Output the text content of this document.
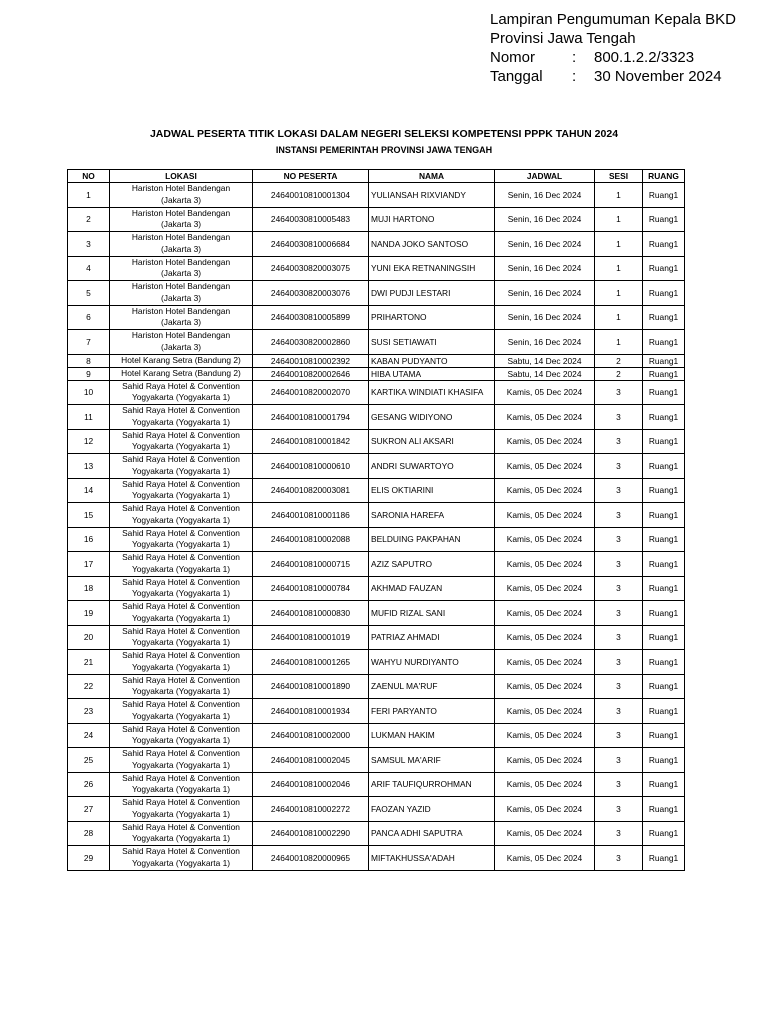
Lampiran Pengumuman Kepala BKD
Provinsi Jawa Tengah
Nomor	:	800.1.2.2/3323
Tanggal	:	30 November 2024
JADWAL PESERTA TITIK LOKASI DALAM NEGERI SELEKSI KOMPETENSI PPPK TAHUN 2024
INSTANSI PEMERINTAH PROVINSI JAWA TENGAH
NO	LOKASI	NO PESERTA	NAMA	JADWAL	SESI	RUANG
1	Hariston Hotel Bandengan
(Jakarta 3)	24640010810001304	YULIANSAH RIXVIANDY	Senin, 16 Dec 2024	1	Ruang1
2	Hariston Hotel Bandengan
(Jakarta 3)	24640030810005483	MUJI HARTONO	Senin, 16 Dec 2024	1	Ruang1
3	Hariston Hotel Bandengan
(Jakarta 3)	24640030810006684	NANDA JOKO SANTOSO	Senin, 16 Dec 2024	1	Ruang1
4	Hariston Hotel Bandengan
(Jakarta 3)	24640030820003075	YUNI EKA RETNANINGSIH	Senin, 16 Dec 2024	1	Ruang1
5	Hariston Hotel Bandengan
(Jakarta 3)	24640030820003076	DWI PUDJI LESTARI	Senin, 16 Dec 2024	1	Ruang1
6	Hariston Hotel Bandengan
(Jakarta 3)	24640030810005899	PRIHARTONO	Senin, 16 Dec 2024	1	Ruang1
7	Hariston Hotel Bandengan
(Jakarta 3)	24640030820002860	SUSI SETIAWATI	Senin, 16 Dec 2024	1	Ruang1
8	Hotel Karang Setra (Bandung 2)	24640010810002392	KABAN PUDYANTO	Sabtu, 14 Dec 2024	2	Ruang1
9	Hotel Karang Setra (Bandung 2)	24640010820002646	HIBA UTAMA	Sabtu, 14 Dec 2024	2	Ruang1
10	Sahid Raya Hotel & Convention
Yogyakarta (Yogyakarta 1)	24640010820002070	KARTIKA WINDIATI KHASIFA	Kamis, 05 Dec 2024	3	Ruang1
11	Sahid Raya Hotel & Convention
Yogyakarta (Yogyakarta 1)	24640010810001794	GESANG WIDIYONO	Kamis, 05 Dec 2024	3	Ruang1
12	Sahid Raya Hotel & Convention
Yogyakarta (Yogyakarta 1)	24640010810001842	SUKRON ALI AKSARI	Kamis, 05 Dec 2024	3	Ruang1
13	Sahid Raya Hotel & Convention
Yogyakarta (Yogyakarta 1)	24640010810000610	ANDRI SUWARTOYO	Kamis, 05 Dec 2024	3	Ruang1
14	Sahid Raya Hotel & Convention
Yogyakarta (Yogyakarta 1)	24640010820003081	ELIS OKTIARINI	Kamis, 05 Dec 2024	3	Ruang1
15	Sahid Raya Hotel & Convention
Yogyakarta (Yogyakarta 1)	24640010810001186	SARONIA HAREFA	Kamis, 05 Dec 2024	3	Ruang1
16	Sahid Raya Hotel & Convention
Yogyakarta (Yogyakarta 1)	24640010810002088	BELDUING PAKPAHAN	Kamis, 05 Dec 2024	3	Ruang1
17	Sahid Raya Hotel & Convention
Yogyakarta (Yogyakarta 1)	24640010810000715	AZIZ SAPUTRO	Kamis, 05 Dec 2024	3	Ruang1
18	Sahid Raya Hotel & Convention
Yogyakarta (Yogyakarta 1)	24640010810000784	AKHMAD FAUZAN	Kamis, 05 Dec 2024	3	Ruang1
19	Sahid Raya Hotel & Convention
Yogyakarta (Yogyakarta 1)	24640010810000830	MUFID RIZAL SANI	Kamis, 05 Dec 2024	3	Ruang1
20	Sahid Raya Hotel & Convention
Yogyakarta (Yogyakarta 1)	24640010810001019	PATRIAZ AHMADI	Kamis, 05 Dec 2024	3	Ruang1
21	Sahid Raya Hotel & Convention
Yogyakarta (Yogyakarta 1)	24640010810001265	WAHYU NURDIYANTO	Kamis, 05 Dec 2024	3	Ruang1
22	Sahid Raya Hotel & Convention
Yogyakarta (Yogyakarta 1)	24640010810001890	ZAENUL MA'RUF	Kamis, 05 Dec 2024	3	Ruang1
23	Sahid Raya Hotel & Convention
Yogyakarta (Yogyakarta 1)	24640010810001934	FERI PARYANTO	Kamis, 05 Dec 2024	3	Ruang1
24	Sahid Raya Hotel & Convention
Yogyakarta (Yogyakarta 1)	24640010810002000	LUKMAN HAKIM	Kamis, 05 Dec 2024	3	Ruang1
25	Sahid Raya Hotel & Convention
Yogyakarta (Yogyakarta 1)	24640010810002045	SAMSUL MA'ARIF	Kamis, 05 Dec 2024	3	Ruang1
26	Sahid Raya Hotel & Convention
Yogyakarta (Yogyakarta 1)	24640010810002046	ARIF TAUFIQURROHMAN	Kamis, 05 Dec 2024	3	Ruang1
27	Sahid Raya Hotel & Convention
Yogyakarta (Yogyakarta 1)	24640010810002272	FAOZAN YAZID	Kamis, 05 Dec 2024	3	Ruang1
28	Sahid Raya Hotel & Convention
Yogyakarta (Yogyakarta 1)	24640010810002290	PANCA ADHI SAPUTRA	Kamis, 05 Dec 2024	3	Ruang1
29	Sahid Raya Hotel & Convention
Yogyakarta (Yogyakarta 1)	24640010820000965	MIFTAKHUSSA'ADAH	Kamis, 05 Dec 2024	3	Ruang1
